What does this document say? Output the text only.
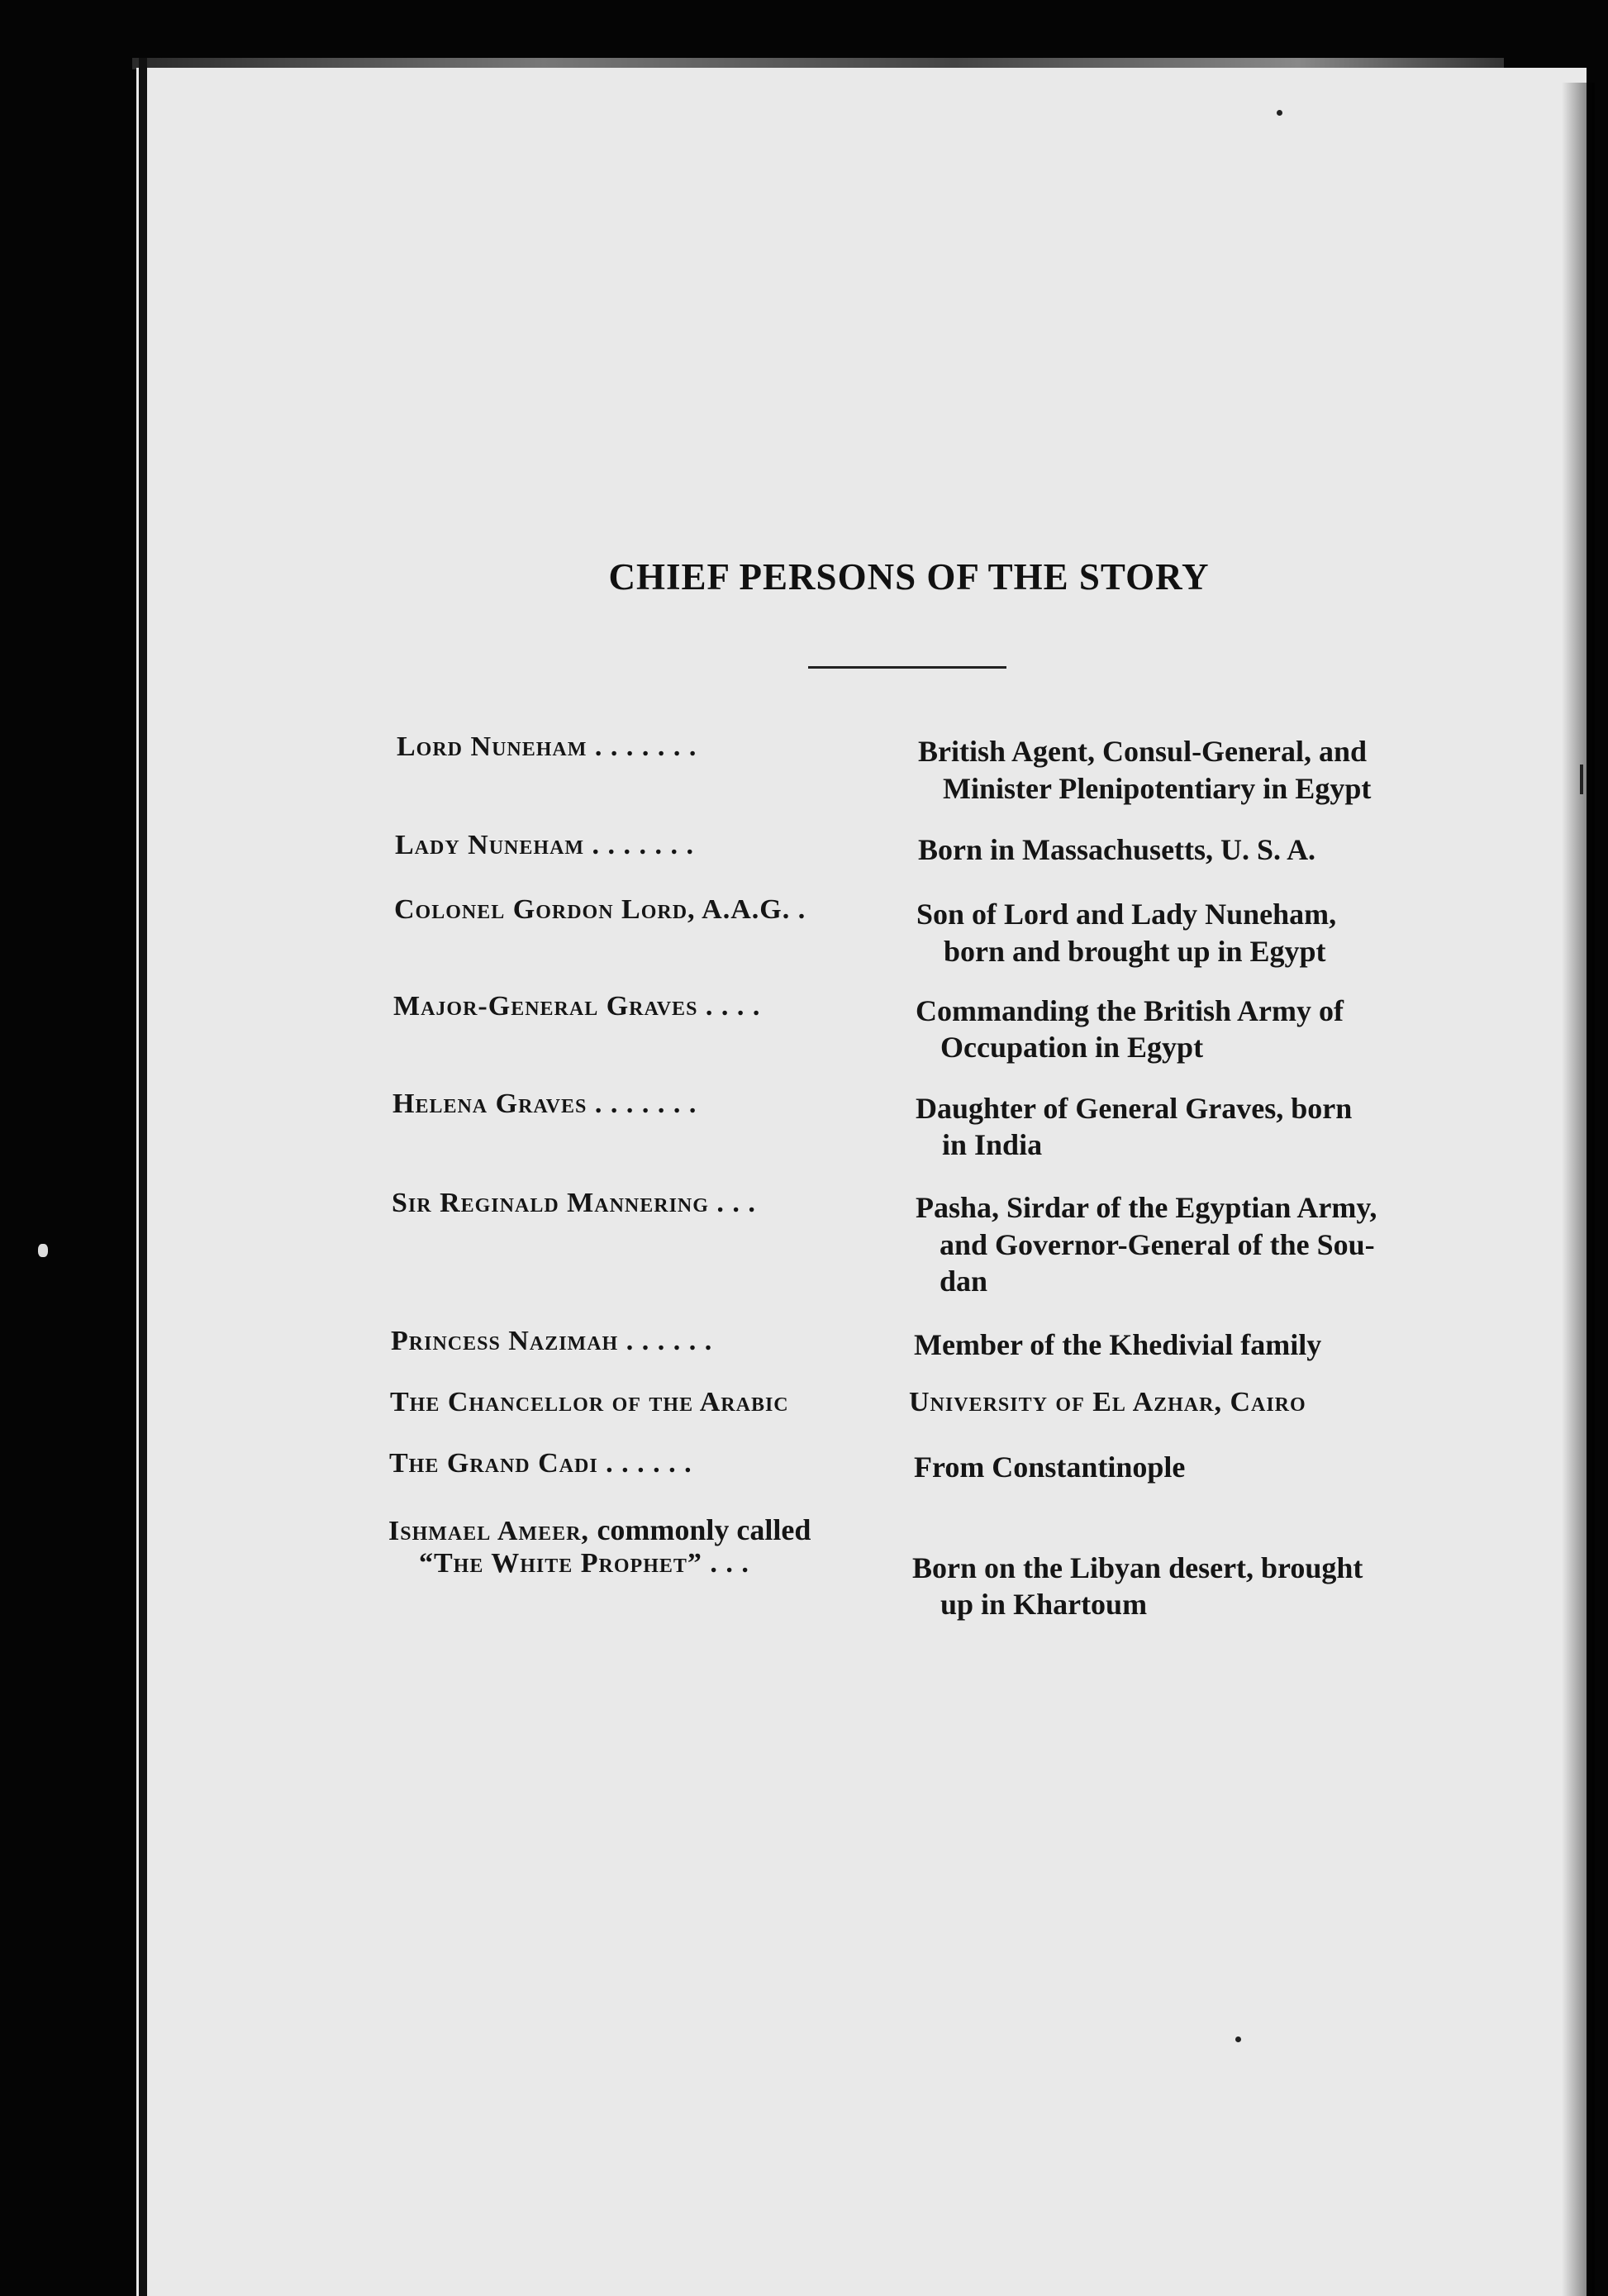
CHIEF PERSONS OF THE STORY
Lord Nuneham . . . . . . .	British Agent, Consul-General, and
Minister Plenipotentiary in Egypt
Lady Nuneham . . . . . . .	Born in Massachusetts, U. S. A.
Colonel Gordon Lord, A.A.G. .	Son of Lord and Lady Nuneham,
born and brought up in Egypt
Major-General Graves . . . .	Commanding the British Army of
Occupation in Egypt
Helena Graves . . . . . . .	Daughter of General Graves, born
in India
Sir Reginald Mannering . . .	Pasha, Sirdar of the Egyptian Army,
and Governor-General of the Sou-
dan
Princess Nazimah . . . . . .	Member of the Khedivial family
The Chancellor of the Arabic	University of El Azhar, Cairo
The Grand Cadi . . . . . .	From Constantinople
Ishmael Ameer, commonly called
“The White Prophet” . . .	Born on the Libyan desert, brought
up in Khartoum
